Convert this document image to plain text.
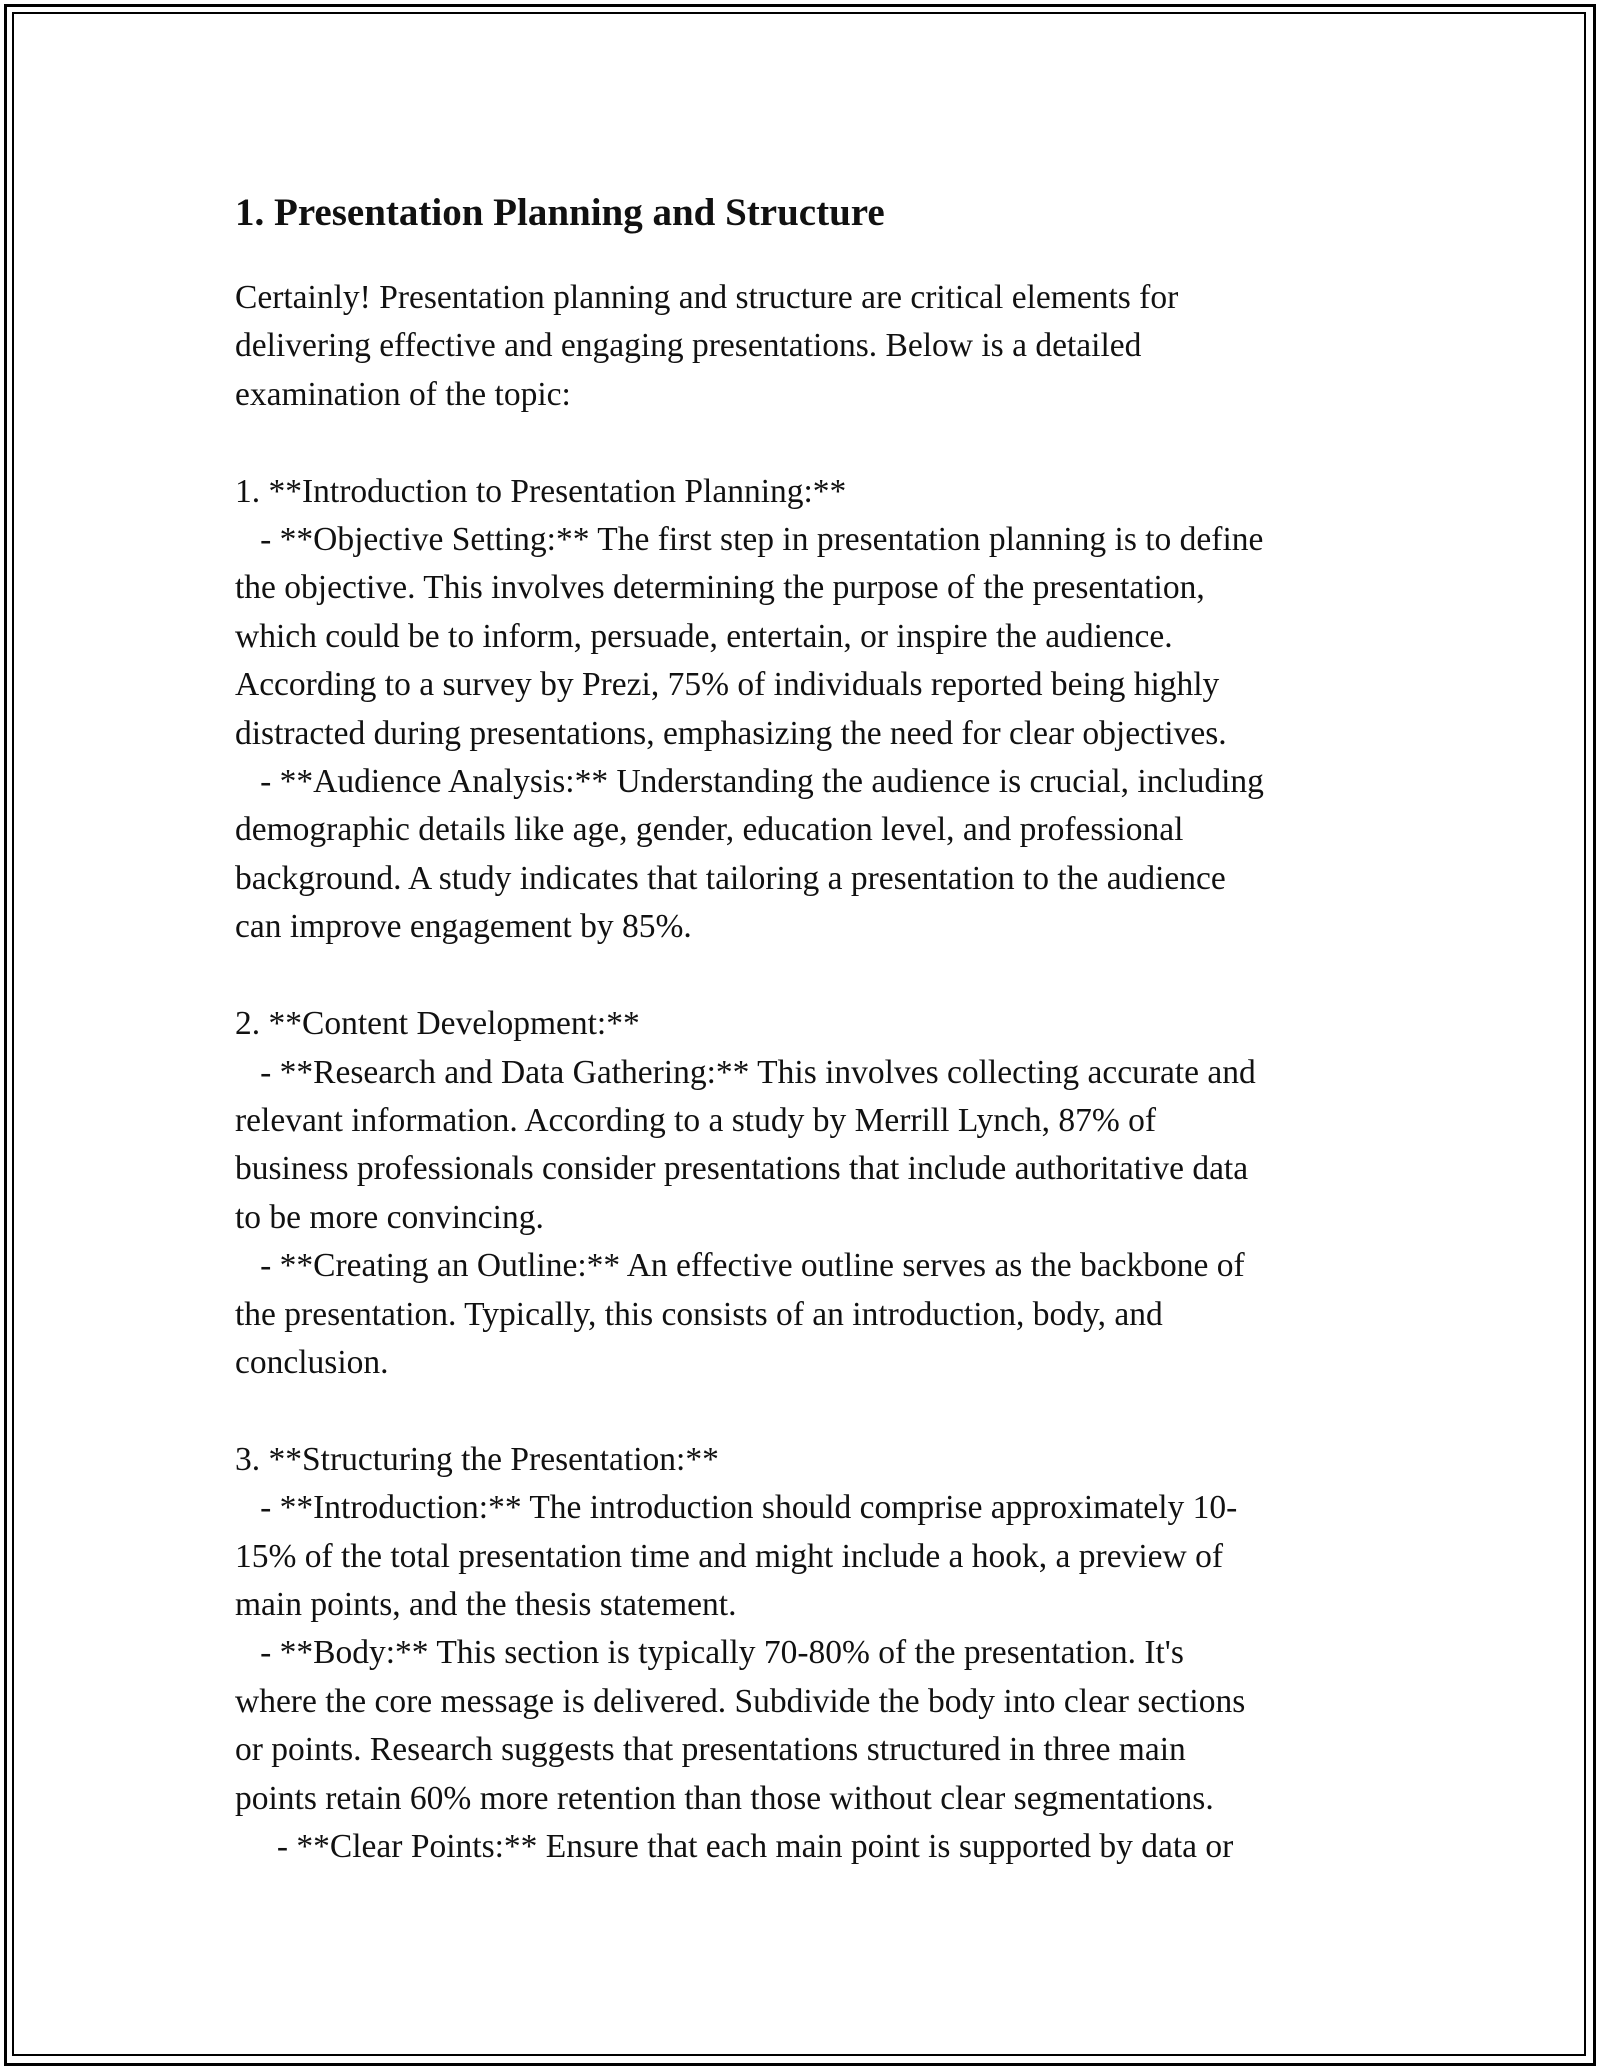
1. Presentation Planning and Structure

Certainly! Presentation planning and structure are critical elements for
delivering effective and engaging presentations. Below is a detailed
examination of the topic:

1. **Introduction to Presentation Planning:**
- **Objective Setting:** The first step in presentation planning is to define
the objective. This involves determining the purpose of the presentation,
which could be to inform, persuade, entertain, or inspire the audience.
According to a survey by Prezi, 75% of individuals reported being highly
distracted during presentations, emphasizing the need for clear objectives.
- **Audience Analysis:** Understanding the audience is crucial, including
demographic details like age, gender, education level, and professional
background. A study indicates that tailoring a presentation to the audience
can improve engagement by 85%.

2. **Content Development:**
- **Research and Data Gathering:** This involves collecting accurate and
relevant information. According to a study by Merrill Lynch, 87% of
business professionals consider presentations that include authoritative data
to be more convincing.
- **Creating an Outline:** An effective outline serves as the backbone of
the presentation. Typically, this consists of an introduction, body, and
conclusion.

3. **Structuring the Presentation:**
- **Introduction:** The introduction should comprise approximately 10-
15% of the total presentation time and might include a hook, a preview of
main points, and the thesis statement.
- **Body:** This section is typically 70-80% of the presentation. It's
where the core message is delivered. Subdivide the body into clear sections
or points. Research suggests that presentations structured in three main
points retain 60% more retention than those without clear segmentations.
- **Clear Points:** Ensure that each main point is supported by data or
